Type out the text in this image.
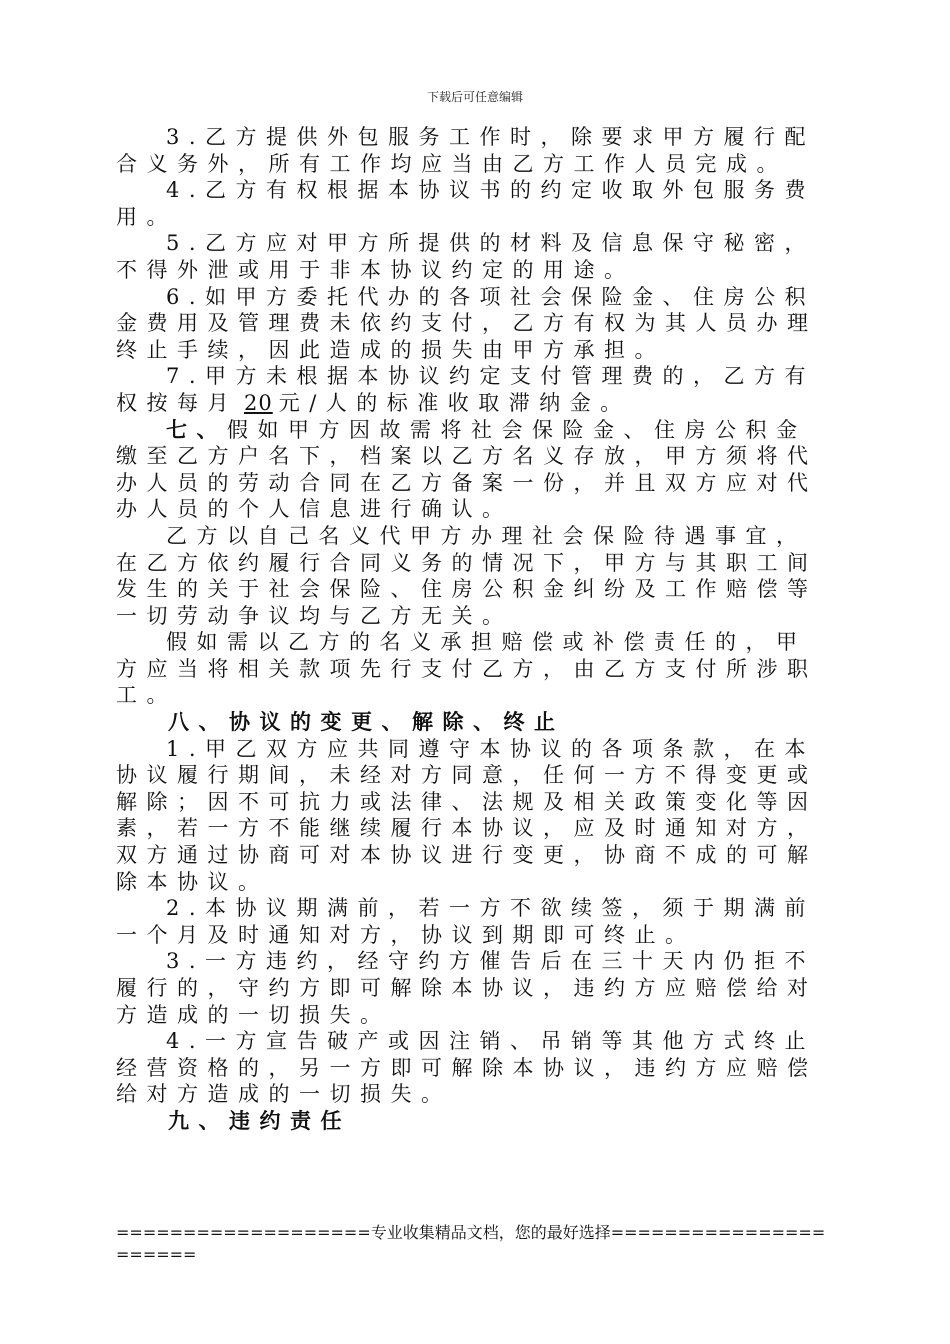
下载后可任意编辑

3.乙方提供外包服务工作时，除要求甲方履行配合义务外，所有工作均应当由乙方工作人员完成。

4.乙方有权根据本协议书的约定收取外包服务费用。

5.乙方应对甲方所提供的材料及信息保守秘密，不得外泄或用于非本协议约定的用途。

6.如甲方委托代办的各项社会保险金、住房公积金费用及管理费未依约支付，乙方有权为其人员办理终止手续，因此造成的损失由甲方承担。

7.甲方未根据本协议约定支付管理费的，乙方有权按每月 20 元/人的标准收取滞纳金。

七、假如甲方因故需将社会保险金、住房公积金缴至乙方户名下，档案以乙方名义存放，甲方须将代办人员的劳动合同在乙方备案一份，并且双方应对代办人员的个人信息进行确认。

乙方以自己名义代甲方办理社会保险待遇事宜，在乙方依约履行合同义务的情况下，甲方与其职工间发生的关于社会保险、住房公积金纠纷及工作赔偿等一切劳动争议均与乙方无关。

假如需以乙方的名义承担赔偿或补偿责任的，甲方应当将相关款项先行支付乙方，由乙方支付所涉职工。

八、协议的变更、解除、终止

1.甲乙双方应共同遵守本协议的各项条款，在本协议履行期间，未经对方同意，任何一方不得变更或解除；因不可抗力或法律、法规及相关政策变化等因素，若一方不能继续履行本协议，应及时通知对方，双方通过协商可对本协议进行变更，协商不成的可解除本协议。

2.本协议期满前，若一方不欲续签，须于期满前一个月及时通知对方，协议到期即可终止。

3.一方违约，经守约方催告后在三十天内仍拒不履行的，守约方即可解除本协议，违约方应赔偿给对方造成的一切损失。

4.一方宣告破产或因注销、吊销等其他方式终止经营资格的，另一方即可解除本协议，违约方应赔偿给对方造成的一切损失。

九、违约责任

===================专业收集精品文档，您的最好选择======================
